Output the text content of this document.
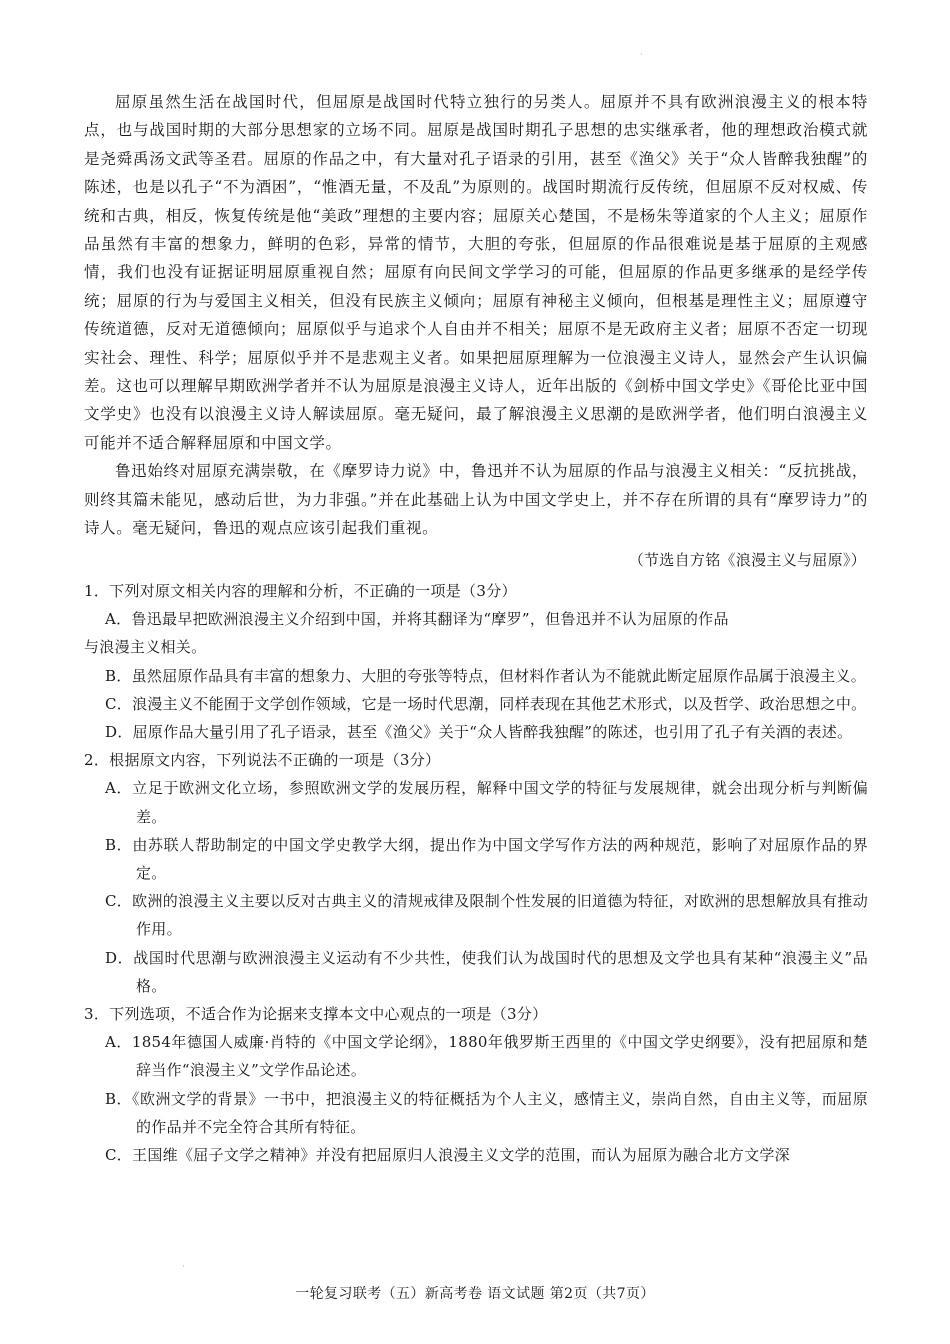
·

屈原虽然生活在战国时代，但屈原是战国时代特立独行的另类人。屈原并不具有欧洲浪漫主义的根本特点，也与战国时期的大部分思想家的立场不同。屈原是战国时期孔子思想的忠实继承者，他的理想政治模式就是尧舜禹汤文武等圣君。屈原的作品之中，有大量对孔子语录的引用，甚至《渔父》关于“众人皆醉我独醒”的陈述，也是以孔子“不为酒困”，“惟酒无量，不及乱”为原则的。战国时期流行反传统，但屈原不反对权威、传统和古典，相反，恢复传统是他“美政”理想的主要内容；屈原关心楚国，不是杨朱等道家的个人主义；屈原作品虽然有丰富的想象力，鲜明的色彩，异常的情节，大胆的夸张，但屈原的作品很难说是基于屈原的主观感情，我们也没有证据证明屈原重视自然；屈原有向民间文学学习的可能，但屈原的作品更多继承的是经学传统；屈原的行为与爱国主义相关，但没有民族主义倾向；屈原有神秘主义倾向，但根基是理性主义；屈原遵守传统道德，反对无道德倾向；屈原似乎与追求个人自由并不相关；屈原不是无政府主义者；屈原不否定一切现实社会、理性、科学；屈原似乎并不是悲观主义者。如果把屈原理解为一位浪漫主义诗人，显然会产生认识偏差。这也可以理解早期欧洲学者并不认为屈原是浪漫主义诗人，近年出版的《剑桥中国文学史》《哥伦比亚中国文学史》也没有以浪漫主义诗人解读屈原。毫无疑问，最了解浪漫主义思潮的是欧洲学者，他们明白浪漫主义可能并不适合解释屈原和中国文学。

鲁迅始终对屈原充满崇敬，在《摩罗诗力说》中，鲁迅并不认为屈原的作品与浪漫主义相关：“反抗挑战，则终其篇未能见，感动后世，为力非强。”并在此基础上认为中国文学史上，并不存在所谓的具有“摩罗诗力”的诗人。毫无疑问，鲁迅的观点应该引起我们重视。

（节选自方铭《浪漫主义与屈原》）

1．下列对原文相关内容的理解和分析，不正确的一项是（3分）

A．鲁迅最早把欧洲浪漫主义介绍到中国，并将其翻译为“摩罗”，但鲁迅并不认为屈原的作品

与浪漫主义相关。

B．虽然屈原作品具有丰富的想象力、大胆的夸张等特点，但材料作者认为不能就此断定屈原作品属于浪漫主义。

C．浪漫主义不能囿于文学创作领域，它是一场时代思潮，同样表现在其他艺术形式，以及哲学、政治思想之中。

D．屈原作品大量引用了孔子语录，甚至《渔父》关于“众人皆醉我独醒”的陈述，也引用了孔子有关酒的表述。

2．根据原文内容，下列说法不正确的一项是（3分）

A．立足于欧洲文化立场，参照欧洲文学的发展历程，解释中国文学的特征与发展规律，就会出现分析与判断偏差。

B．由苏联人帮助制定的中国文学史教学大纲，提出作为中国文学写作方法的两种规范，影响了对屈原作品的界定。

C．欧洲的浪漫主义主要以反对古典主义的清规戒律及限制个性发展的旧道德为特征，对欧洲的思想解放具有推动作用。

D．战国时代思潮与欧洲浪漫主义运动有不少共性，使我们认为战国时代的思想及文学也具有某种“浪漫主义”品格。

3．下列选项，不适合作为论据来支撑本文中心观点的一项是（3分）

A．1854年德国人威廉·肖特的《中国文学论纲》，1880年俄罗斯王西里的《中国文学史纲要》，没有把屈原和楚辞当作“浪漫主义”文学作品论述。

B．《欧洲文学的背景》一书中，把浪漫主义的特征概括为个人主义，感情主义，崇尚自然，自由主义等，而屈原的作品并不完全符合其所有特征。

C．王国维《屈子文学之精神》并没有把屈原归人浪漫主义文学的范围，而认为屈原为融合北方文学深

·
一轮复习联考（五）新高考卷 语文试题 第2页（共7页）
